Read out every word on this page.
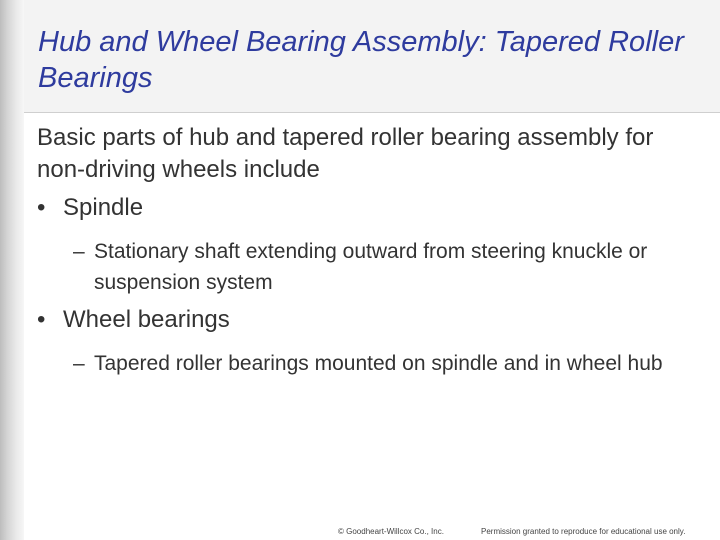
Hub and Wheel Bearing Assembly: Tapered Roller Bearings

Basic parts of hub and tapered roller bearing assembly for non-driving wheels include

• Spindle
– Stationary shaft extending outward from steering knuckle or suspension system
• Wheel bearings
– Tapered roller bearings mounted on spindle and in wheel hub
© Goodheart-Willcox Co., Inc.	Permission granted to reproduce for educational use only.
